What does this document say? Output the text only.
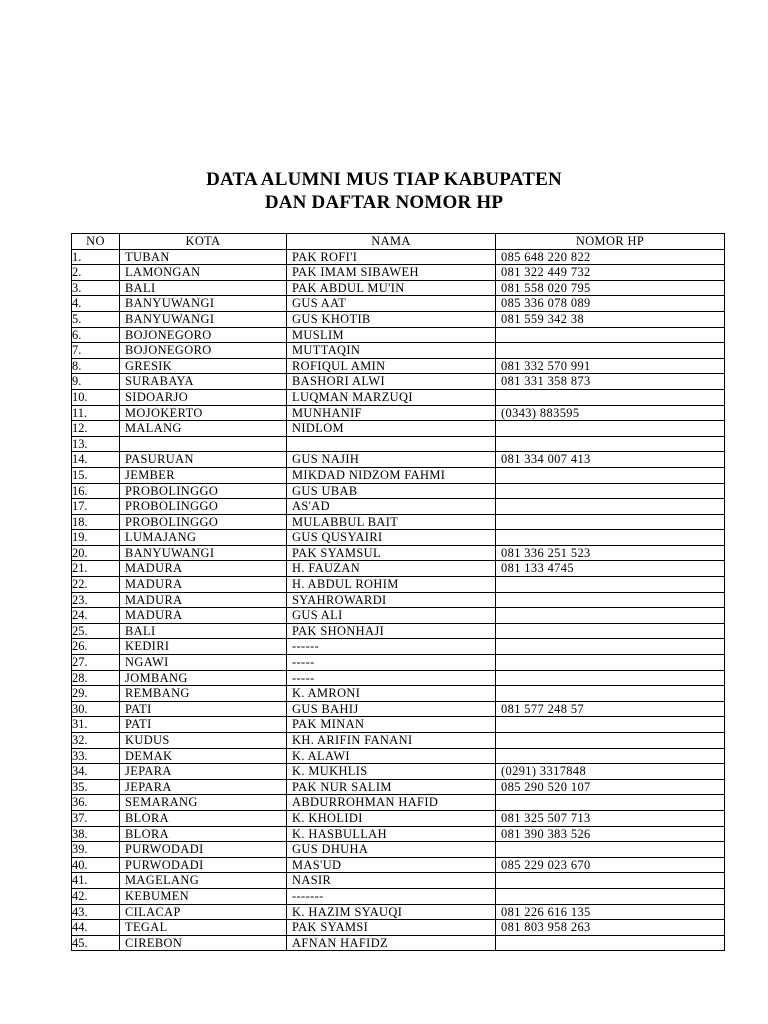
DATA ALUMNI MUS TIAP KABUPATEN
DAN DAFTAR NOMOR HP
NO	KOTA	NAMA	NOMOR HP
1.	TUBAN	PAK ROFI'I	085 648 220 822
2.	LAMONGAN	PAK IMAM SIBAWEH	081 322 449 732
3.	BALI	PAK ABDUL MU'IN	081 558 020 795
4.	BANYUWANGI	GUS AAT	085 336 078 089
5.	BANYUWANGI	GUS KHOTIB	081 559 342 38
6.	BOJONEGORO	MUSLIM	
7.	BOJONEGORO	MUTTAQIN	
8.	GRESIK	ROFIQUL AMIN	081 332 570 991
9.	SURABAYA	BASHORI ALWI	081 331 358 873
10.	SIDOARJO	LUQMAN MARZUQI	
11.	MOJOKERTO	MUNHANIF	(0343) 883595
12.	MALANG	NIDLOM	
13.			
14.	PASURUAN	GUS NAJIH	081 334 007 413
15.	JEMBER	MIKDAD NIDZOM FAHMI	
16.	PROBOLINGGO	GUS UBAB	
17.	PROBOLINGGO	AS'AD	
18.	PROBOLINGGO	MULABBUL BAIT	
19.	LUMAJANG	GUS QUSYAIRI	
20.	BANYUWANGI	PAK SYAMSUL	081 336 251 523
21.	MADURA	H. FAUZAN	081 133 4745
22.	MADURA	H. ABDUL ROHIM	
23.	MADURA	SYAHROWARDI	
24.	MADURA	GUS ALI	
25.	BALI	PAK SHONHAJI	
26.	KEDIRI	------	
27.	NGAWI	-----	
28.	JOMBANG	-----	
29.	REMBANG	K. AMRONI	
30.	PATI	GUS BAHIJ	081 577 248 57
31.	PATI	PAK MINAN	
32.	KUDUS	KH. ARIFIN FANANI	
33.	DEMAK	K. ALAWI	
34.	JEPARA	K. MUKHLIS	(0291) 3317848
35.	JEPARA	PAK NUR SALIM	085 290 520 107
36.	SEMARANG	ABDURROHMAN HAFID	
37.	BLORA	K. KHOLIDI	081 325 507 713
38.	BLORA	K. HASBULLAH	081 390 383 526
39.	PURWODADI	GUS DHUHA	
40.	PURWODADI	MAS'UD	085 229 023 670
41.	MAGELANG	NASIR	
42.	KEBUMEN	-------	
43.	CILACAP	K. HAZIM SYAUQI	081 226 616 135
44.	TEGAL	PAK SYAMSI	081 803 958 263
45.	CIREBON	AFNAN HAFIDZ	
